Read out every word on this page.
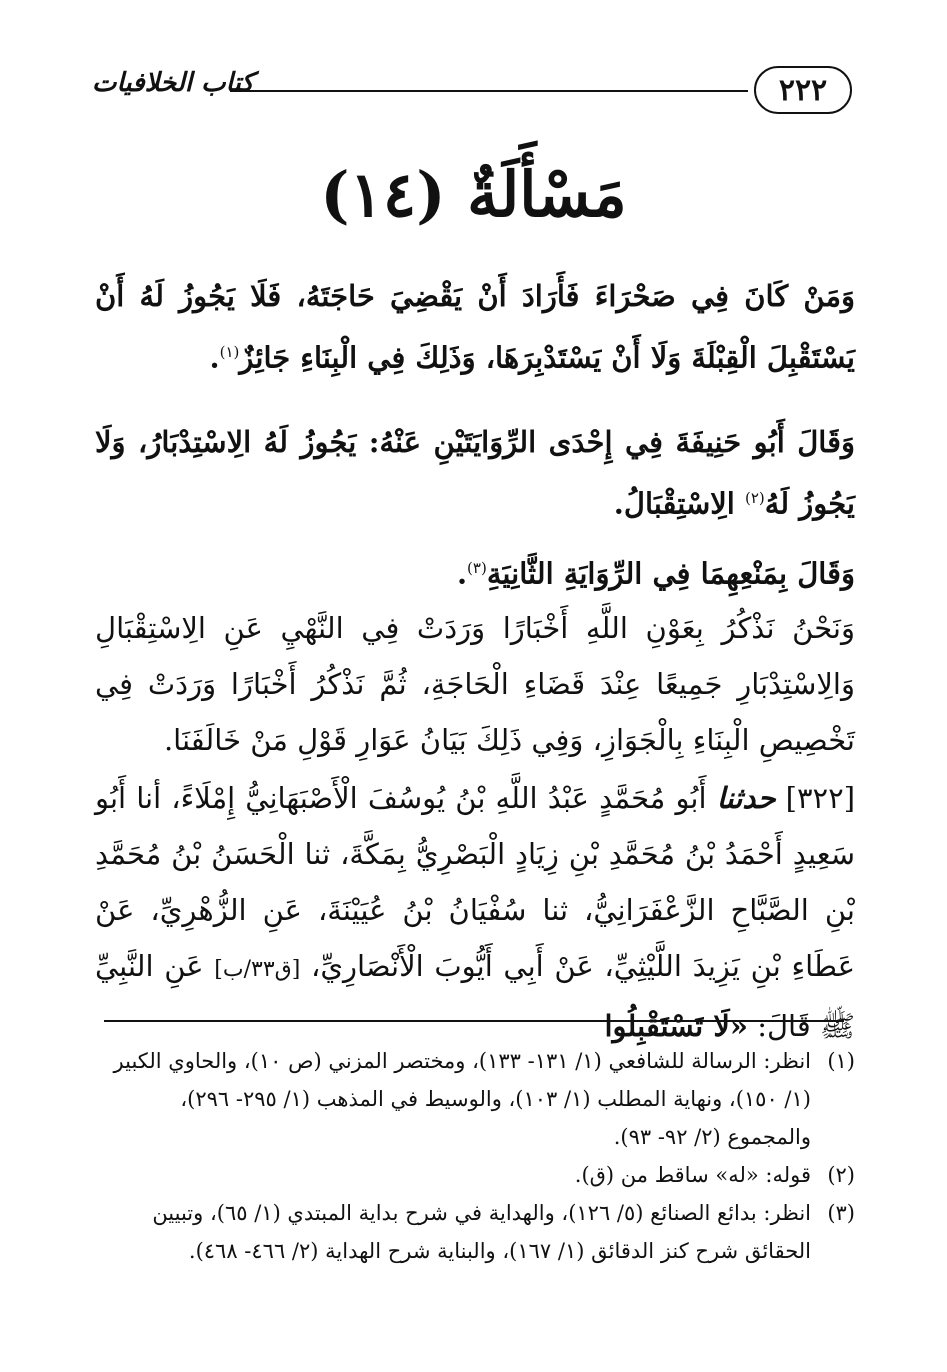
٢٢٢
كتاب الخلافيات
مَسْأَلَةٌ (١٤)

وَمَنْ كَانَ فِي صَحْرَاءَ فَأَرَادَ أَنْ يَقْضِيَ حَاجَتَهُ، فَلَا يَجُوزُ لَهُ أَنْ يَسْتَقْبِلَ الْقِبْلَةَ وَلَا أَنْ يَسْتَدْبِرَهَا، وَذَلِكَ فِي الْبِنَاءِ جَائِزٌ$^{(١)}$.

وَقَالَ أَبُو حَنِيفَةَ فِي إِحْدَى الرِّوَايَتَيْنِ عَنْهُ: يَجُوزُ لَهُ الِاسْتِدْبَارُ، وَلَا يَجُوزُ لَهُ$^{(٢)}$ الِاسْتِقْبَالُ.

وَقَالَ بِمَنْعِهِمَا فِي الرِّوَايَةِ الثَّانِيَةِ$^{(٣)}$.

وَنَحْنُ نَذْكُرُ بِعَوْنِ اللَّهِ أَخْبَارًا وَرَدَتْ فِي النَّهْيِ عَنِ الِاسْتِقْبَالِ وَالِاسْتِدْبَارِ جَمِيعًا عِنْدَ قَضَاءِ الْحَاجَةِ، ثُمَّ نَذْكُرُ أَخْبَارًا وَرَدَتْ فِي تَخْصِيصِ الْبِنَاءِ بِالْجَوَازِ، وَفِي ذَلِكَ بَيَانُ عَوَارِ قَوْلِ مَنْ خَالَفَنَا.

[٣٢٢] حدثنا أَبُو مُحَمَّدٍ عَبْدُ اللَّهِ بْنُ يُوسُفَ الْأَصْبَهَانِيُّ إِمْلَاءً، أنا أَبُو سَعِيدٍ أَحْمَدُ بْنُ مُحَمَّدِ بْنِ زِيَادٍ الْبَصْرِيُّ بِمَكَّةَ، ثنا الْحَسَنُ بْنُ مُحَمَّدِ بْنِ الصَّبَّاحِ الزَّعْفَرَانِيُّ، ثنا سُفْيَانُ بْنُ عُيَيْنَةَ، عَنِ الزُّهْرِيِّ، عَنْ عَطَاءِ بْنِ يَزِيدَ اللَّيْثِيِّ، عَنْ أَبِي أَيُّوبَ الْأَنْصَارِيِّ، [ق٣٣/ب] عَنِ النَّبِيِّ ﷺ قَالَ: «لَا تَسْتَقْبِلُوا

(١)انظر: الرسالة للشافعي (١/ ١٣١- ١٣٣)، ومختصر المزني (ص ١٠)، والحاوي الكبير (١/ ١٥٠)، ونهاية المطلب (١/ ١٠٣)، والوسيط في المذهب (١/ ٢٩٥- ٢٩٦)، والمجموع (٢/ ٩٢- ٩٣).

(٢)قوله: «له» ساقط من (ق).

(٣)انظر: بدائع الصنائع (٥/ ١٢٦)، والهداية في شرح بداية المبتدي (١/ ٦٥)، وتبيين الحقائق شرح كنز الدقائق (١/ ١٦٧)، والبناية شرح الهداية (٢/ ٤٦٦- ٤٦٨).
